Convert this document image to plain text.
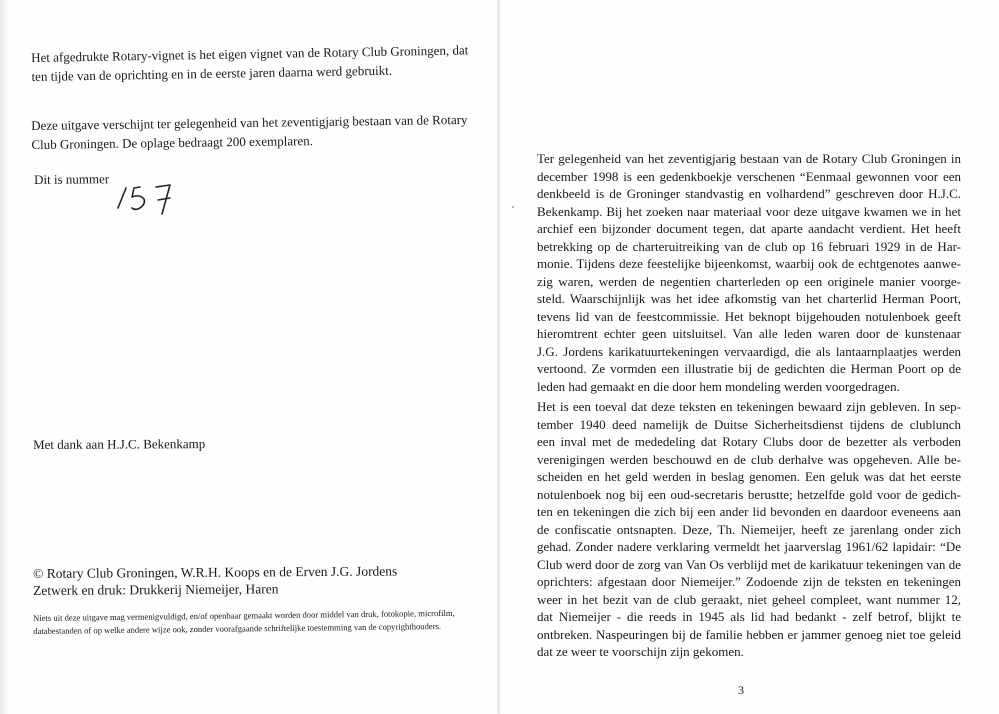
Het afgedrukte Rotary-vignet is het eigen vignet van de Rotary Club Groningen, dat ten tijde van de oprichting en in de eerste jaren daarna werd gebruikt.

Deze uitgave verschijnt ter gelegenheid van het zeventigjarig bestaan van de Rotary Club Groningen. De oplage bedraagt 200 exemplaren.

Dit is nummer

Met dank aan H.J.C. Bekenkamp

© Rotary Club Groningen, W.R.H. Koops en de Erven J.G. Jordens

Zetwerk en druk: Drukkerij Niemeijer, Haren

Niets uit deze uitgave mag vermenigvuldigd, en/of openbaar gemaakt worden door middel van druk, fotokopie, microfilm, databestanden of op welke andere wijze ook, zonder voorafgaande schriftelijke toestemming van de copyrighthouders.

Ter gelegenheid van het zeventigjarig bestaan van de Rotary Club Groningen in
december 1998 is een gedenkboekje verschenen “Eenmaal gewonnen voor een
denkbeeld is de Groninger standvastig en volhardend” geschreven door H.J.C.
Bekenkamp. Bij het zoeken naar materiaal voor deze uitgave kwamen we in het
archief een bijzonder document tegen, dat aparte aandacht verdient. Het heeft
betrekking op de charteruitreiking van de club op 16 februari 1929 in de Har-
monie. Tijdens deze feestelijke bijeenkomst, waarbij ook de echtgenotes aanwe-
zig waren, werden de negentien charterleden op een originele manier voorge-
steld. Waarschijnlijk was het idee afkomstig van het charterlid Herman Poort,
tevens lid van de feestcommissie. Het beknopt bijgehouden notulenboek geeft
hieromtrent echter geen uitsluitsel. Van alle leden waren door de kunstenaar
J.G. Jordens karikatuurtekeningen vervaardigd, die als lantaarnplaatjes werden
vertoond. Ze vormden een illustratie bij de gedichten die Herman Poort op de
leden had gemaakt en die door hem mondeling werden voorgedragen.
Het is een toeval dat deze teksten en tekeningen bewaard zijn gebleven. In sep-
tember 1940 deed namelijk de Duitse Sicherheitsdienst tijdens de clublunch
een inval met de mededeling dat Rotary Clubs door de bezetter als verboden
verenigingen werden beschouwd en de club derhalve was opgeheven. Alle be-
scheiden en het geld werden in beslag genomen. Een geluk was dat het eerste
notulenboek nog bij een oud-secretaris berustte; hetzelfde gold voor de gedich-
ten en tekeningen die zich bij een ander lid bevonden en daardoor eveneens aan
de confiscatie ontsnapten. Deze, Th. Niemeijer, heeft ze jarenlang onder zich
gehad. Zonder nadere verklaring vermeldt het jaarverslag 1961/62 lapidair: “De
Club werd door de zorg van Van Os verblijd met de karikatuur tekeningen van de
oprichters: afgestaan door Niemeijer.” Zodoende zijn de teksten en tekeningen
weer in het bezit van de club geraakt, niet geheel compleet, want nummer 12,
dat Niemeijer - die reeds in 1945 als lid had bedankt - zelf betrof, blijkt te
ontbreken. Naspeuringen bij de familie hebben er jammer genoeg niet toe geleid
dat ze weer te voorschijn zijn gekomen.
3
